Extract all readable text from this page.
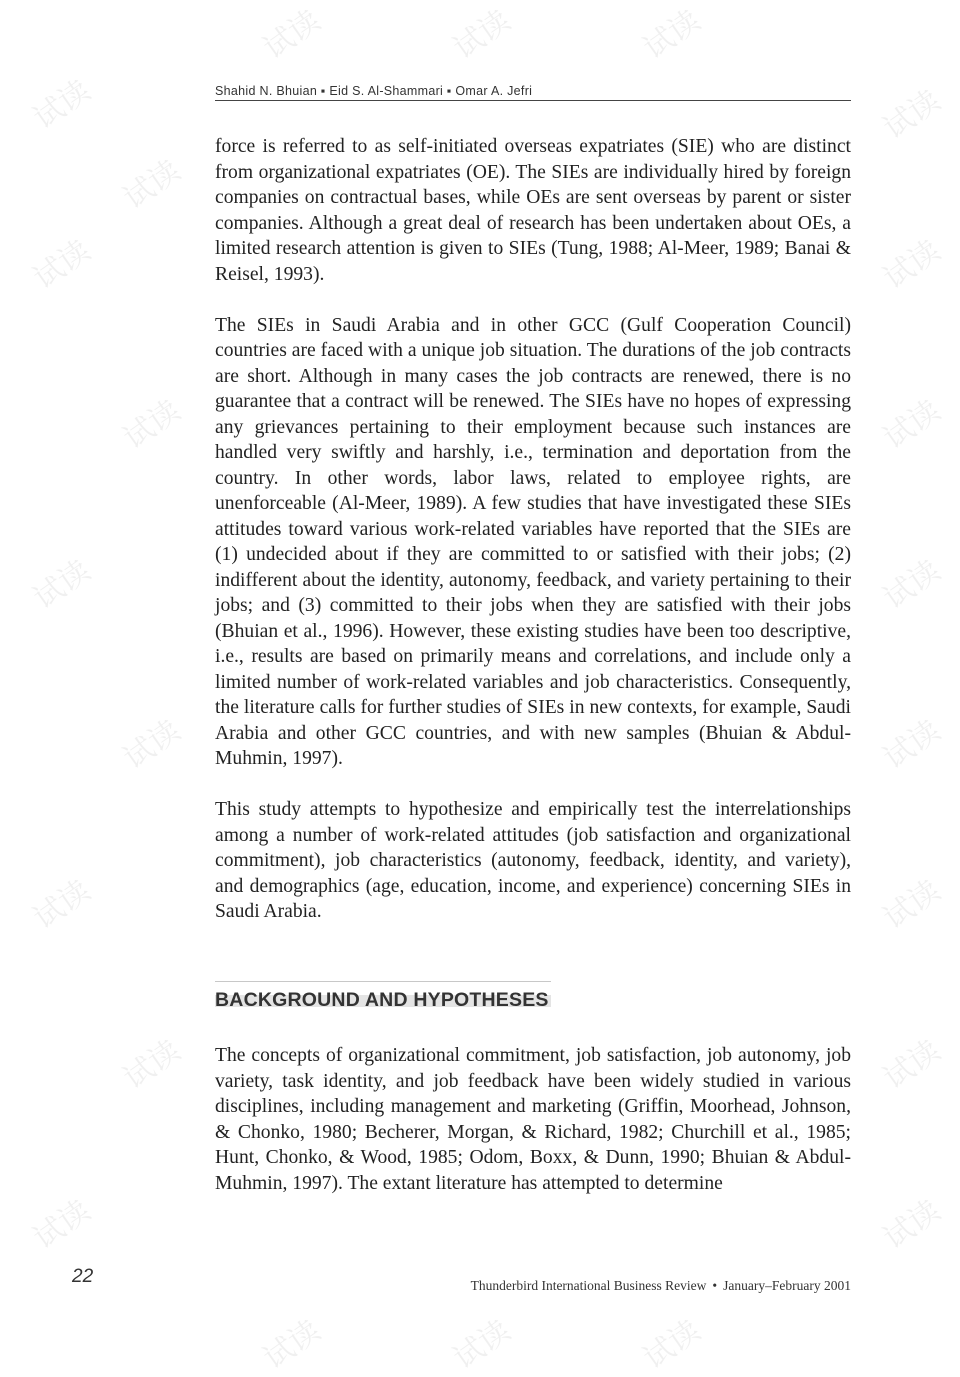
试读
试读
试读
试读
试读
试读
试读
试读
试读
试读
试读
试读
试读
试读
试读
试读
试读
试读	试读	试读
试读	试读	试读
Shahid N. Bhuian ▪ Eid S. Al-Shammari ▪ Omar A. Jefri

force is referred to as self-initiated overseas expatriates (SIE) who are distinct from organizational expatriates (OE). The SIEs are individually hired by foreign companies on contractual bases, while OEs are sent overseas by parent or sister companies. Although a great deal of research has been undertaken about OEs, a limited research attention is given to SIEs (Tung, 1988; Al-Meer, 1989; Banai & Reisel, 1993).

The SIEs in Saudi Arabia and in other GCC (Gulf Cooperation Council) countries are faced with a unique job situation. The durations of the job contracts are short. Although in many cases the job contracts are renewed, there is no guarantee that a contract will be renewed. The SIEs have no hopes of expressing any grievances pertaining to their employment because such instances are handled very swiftly and harshly, i.e., termination and deportation from the country. In other words, labor laws, related to employee rights, are unenforceable (Al-Meer, 1989). A few studies that have investigated these SIEs attitudes toward various work-related variables have reported that the SIEs are (1) undecided about if they are committed to or satisfied with their jobs; (2) indifferent about the identity, autonomy, feedback, and variety pertaining to their jobs; and (3) committed to their jobs when they are satisfied with their jobs (Bhuian et al., 1996). However, these existing studies have been too descriptive, i.e., results are based on primarily means and correlations, and include only a limited number of work-related variables and job characteristics. Consequently, the literature calls for further studies of SIEs in new contexts, for example, Saudi Arabia and other GCC countries, and with new samples (Bhuian & Abdul-Muhmin, 1997).

This study attempts to hypothesize and empirically test the interrelationships among a number of work-related attitudes (job satisfaction and organizational commitment), job characteristics (autonomy, feedback, identity, and variety), and demographics (age, education, income, and experience) concerning SIEs in Saudi Arabia.

BACKGROUND AND HYPOTHESES

The concepts of organizational commitment, job satisfaction, job autonomy, job variety, task identity, and job feedback have been widely studied in various disciplines, including management and marketing (Griffin, Moorhead, Johnson, & Chonko, 1980; Becherer, Morgan, & Richard, 1982; Churchill et al., 1985; Hunt, Chonko, & Wood, 1985; Odom, Boxx, & Dunn, 1990; Bhuian & Abdul-Muhmin, 1997). The extant literature has attempted to determine

22	Thunderbird International Business Review • January–February 2001
